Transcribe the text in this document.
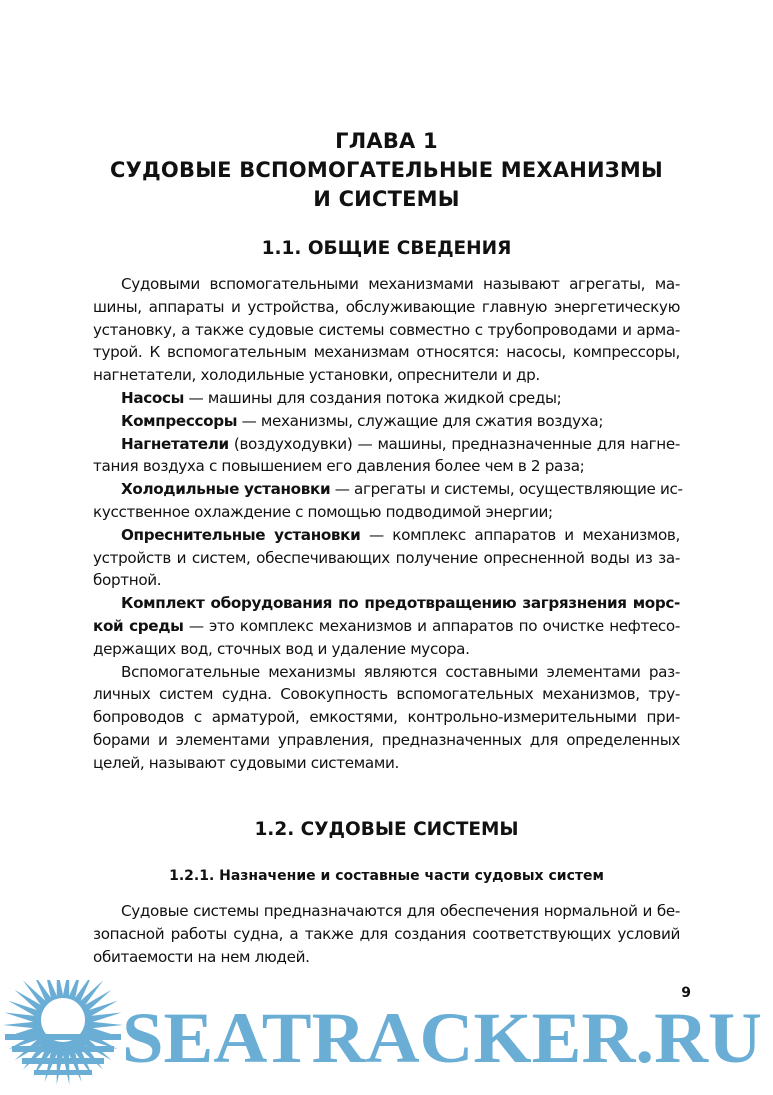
ГЛАВА 1
СУДОВЫЕ ВСПОМОГАТЕЛЬНЫЕ МЕХАНИЗМЫ
И СИСТЕМЫ
1.1. ОБЩИЕ СВЕДЕНИЯ
Судовыми вспомогательными механизмами называют агрегаты, ма-
шины, аппараты и устройства, обслуживающие главную энергетическую
установку, а также судовые системы совместно с трубопроводами и арма-
турой. К вспомогательным механизмам относятся: насосы, компрессоры,
нагнетатели, холодильные установки, опреснители и др.
Насосы — машины для создания потока жидкой среды;
Компрессоры — механизмы, служащие для сжатия воздуха;
Нагнетатели (воздуходувки) — машины, предназначенные для нагне-
тания воздуха с повышением его давления более чем в 2 раза;
Холодильные установки — агрегаты и системы, осуществляющие ис-
кусственное охлаждение с помощью подводимой энергии;
Опреснительные установки — комплекс аппаратов и механизмов,
устройств и систем, обеспечивающих получение опресненной воды из за-
бортной.
Комплект оборудования по предотвращению загрязнения морс-
кой среды — это комплекс механизмов и аппаратов по очистке нефтесо-
держащих вод, сточных вод и удаление мусора.
Вспомогательные механизмы являются составными элементами раз-
личных систем судна. Совокупность вспомогательных механизмов, тру-
бопроводов с арматурой, емкостями, контрольно-измерительными при-
борами и элементами управления, предназначенных для определенных
целей, называют судовыми системами.
1.2. СУДОВЫЕ СИСТЕМЫ
1.2.1. Назначение и составные части судовых систем
Судовые системы предназначаются для обеспечения нормальной и бе-
зопасной работы судна, а также для создания соответствующих условий
обитаемости на нем людей.
9
SEATRACKER.RU
